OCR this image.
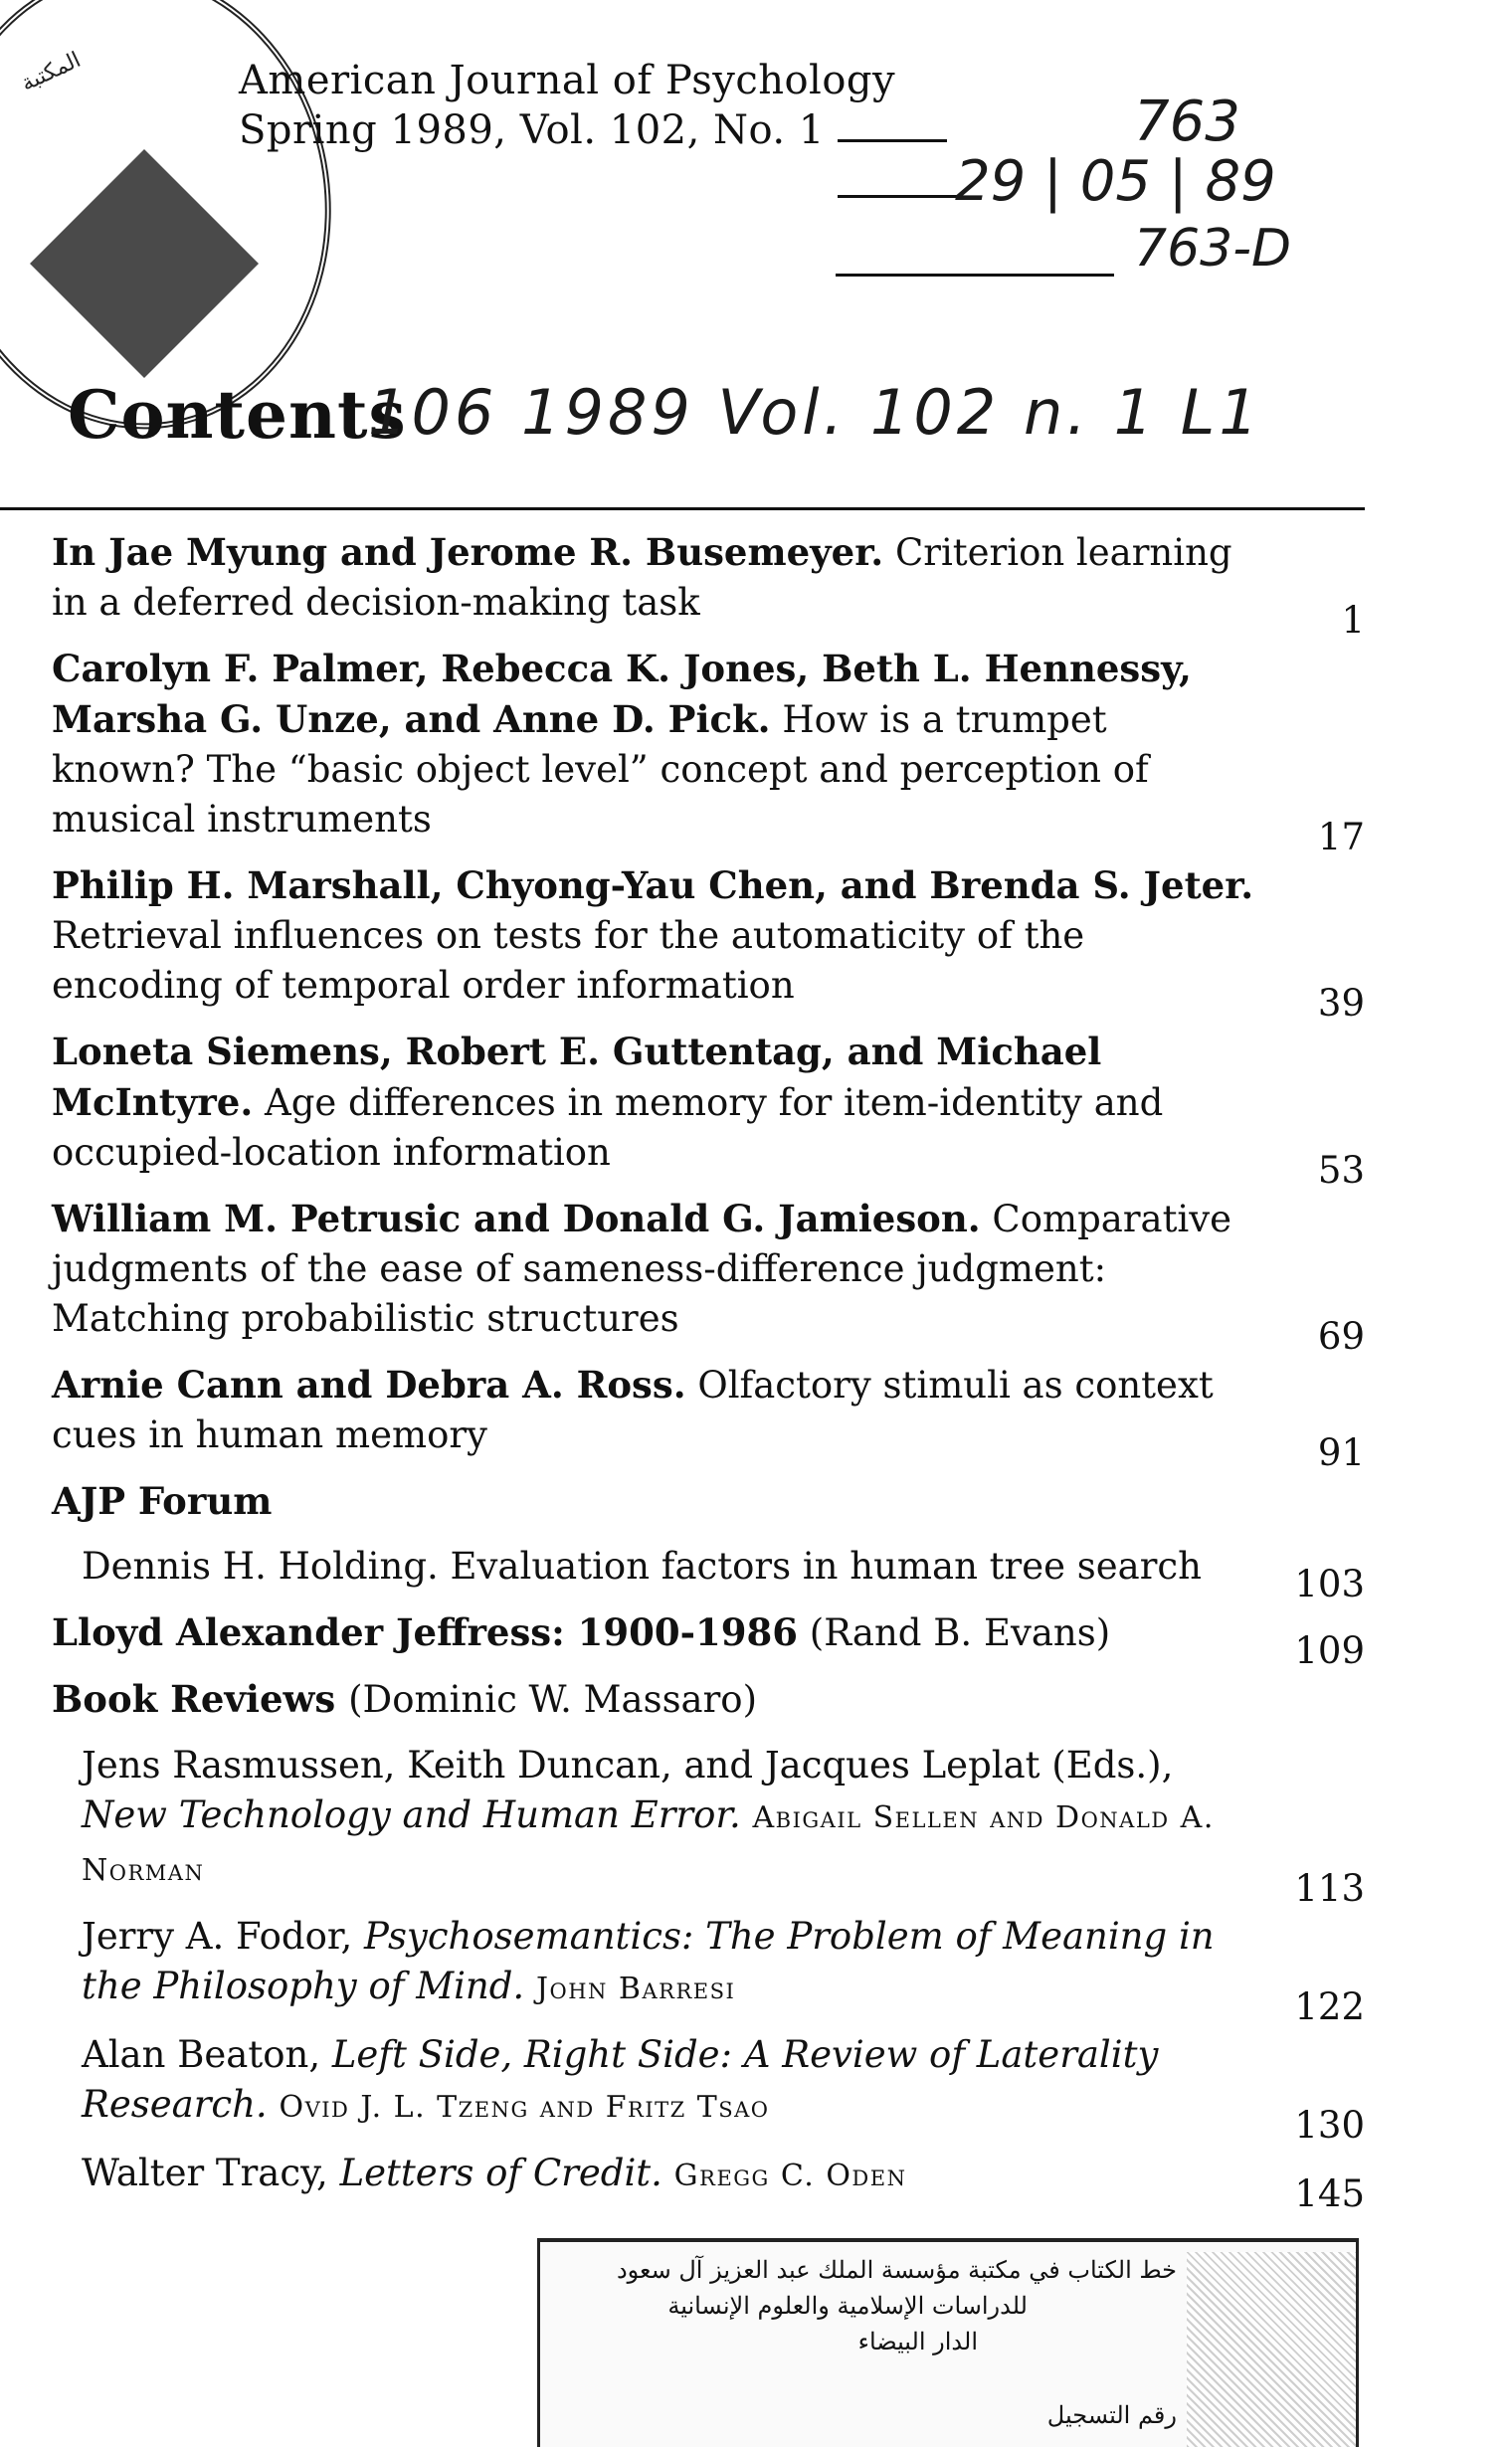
المكتبة	American Journal of Psychology
Spring 1989, Vol. 102, No. 1	763
29 | 05 | 89
763-D
Contents
106 1989 Vol. 102 n. 1 L1
In Jae Myung and Jerome R. Busemeyer. Criterion learning in a deferred decision-making task	1
Carolyn F. Palmer, Rebecca K. Jones, Beth L. Hennessy, Marsha G. Unze, and Anne D. Pick. How is a trumpet known? The “basic object level” concept and perception of musical instruments	17
Philip H. Marshall, Chyong-Yau Chen, and Brenda S. Jeter. Retrieval influences on tests for the automaticity of the encoding of temporal order information	39
Loneta Siemens, Robert E. Guttentag, and Michael McIntyre. Age differences in memory for item-identity and occupied-location information	53
William M. Petrusic and Donald G. Jamieson. Comparative judgments of the ease of sameness-difference judgment: Matching probabilistic structures	69
Arnie Cann and Debra A. Ross. Olfactory stimuli as context cues in human memory	91
AJP Forum
Dennis H. Holding. Evaluation factors in human tree search	103
Lloyd Alexander Jeffress: 1900-1986 (Rand B. Evans)	109
Book Reviews (Dominic W. Massaro)
Jens Rasmussen, Keith Duncan, and Jacques Leplat (Eds.), New Technology and Human Error. Abigail Sellen and Donald A. Norman	113
Jerry A. Fodor, Psychosemantics: The Problem of Meaning in the Philosophy of Mind. John Barresi	122
Alan Beaton, Left Side, Right Side: A Review of Laterality Research. Ovid J. L. Tzeng and Fritz Tsao	130
Walter Tracy, Letters of Credit. Gregg C. Oden	145
خط الكتاب في مكتبة مؤسسة الملك عبد العزيز آل سعود
للدراسات الإسلامية والعلوم الإنسانية
الدار البيضاء
رقم التسجيل
